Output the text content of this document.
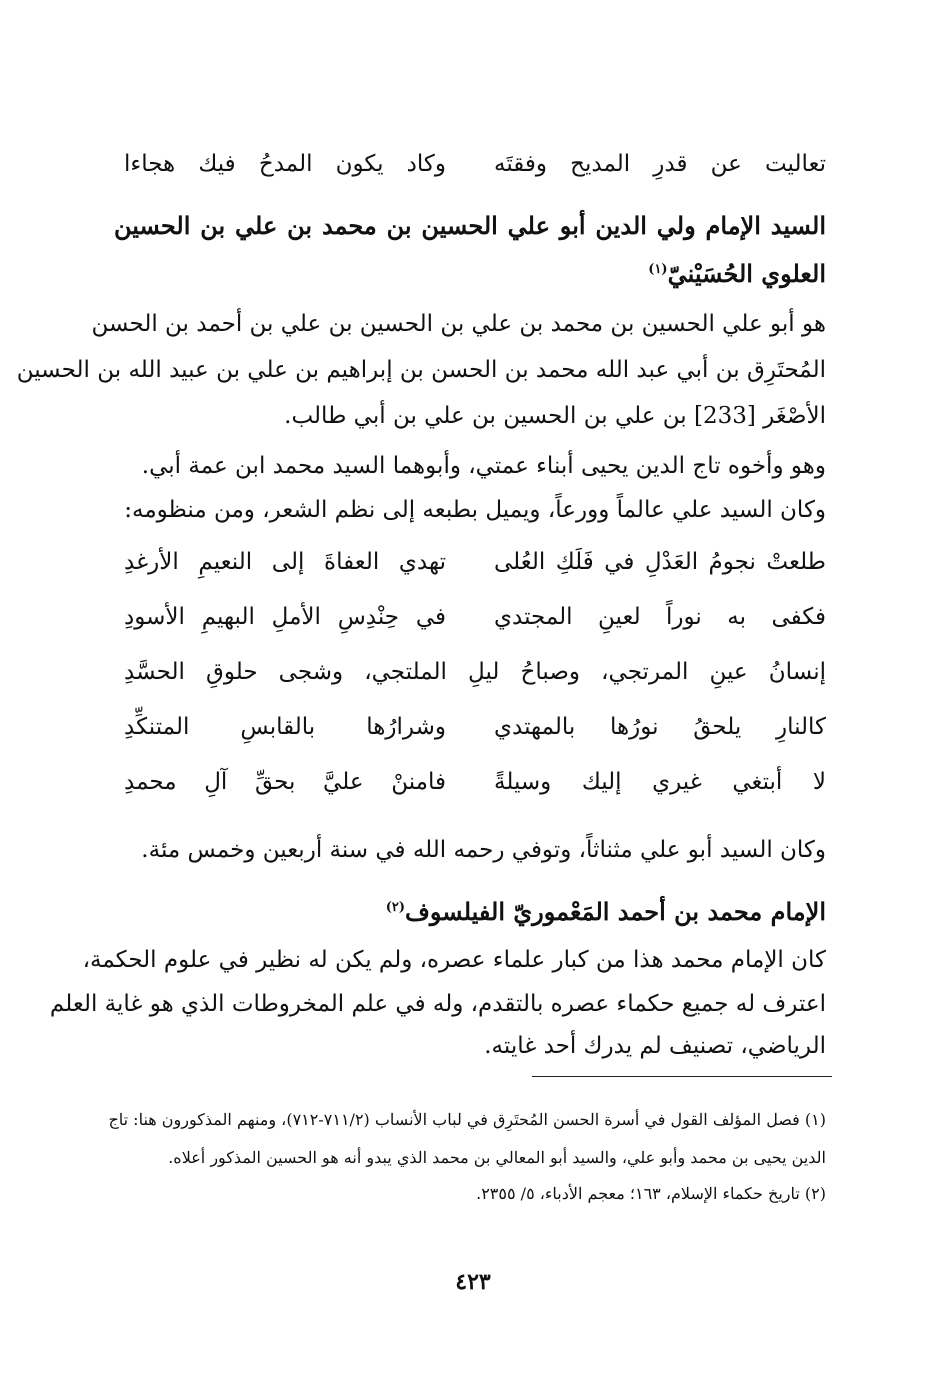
تعاليت عن قدرِ المديح وفقتَه
وكاد يكون المدحُ فيك هجاءا
السيد الإمام ولي الدين أبو علي الحسين بن محمد بن علي بن الحسين
العلوي الحُسَيْنيّ$^{(١)}$
هو أبو علي الحسين بن محمد بن علي بن الحسين بن علي بن أحمد بن الحسن
المُحتَرِق بن أبي عبد الله محمد بن الحسن بن إبراهيم بن علي بن عبيد الله بن الحسين
الأصْغَر [233] بن علي بن الحسين بن علي بن أبي طالب.
وهو وأخوه تاج الدين يحيى أبناء عمتي، وأبوهما السيد محمد ابن عمة أبي.
وكان السيد علي عالماً وورعاً، ويميل بطبعه إلى نظم الشعر، ومن منظومه:
طلعتْ نجومُ العَدْلِ في فَلَكِ العُلى
تهدي العفاةَ إلى النعيمِ الأرغدِ
فكفى به نوراً لعينِ المجتدي
في حِنْدِسِ الأملِ البهيمِ الأسودِ
إنسانُ عينِ المرتجي، وصباحُ ليلِ الملتجي، وشجى حلوقِ الحسَّدِ
كالنارِ يلحقُ نورُها بالمهتدي
وشرارُها بالقابسِ المتنكِّدِ
لا أبتغي غيري إليك وسيلةً
فامننْ عليَّ بحقِّ آلِ محمدِ
وكان السيد أبو علي مثناثاً، وتوفي رحمه الله في سنة أربعين وخمس مئة.
الإمام محمد بن أحمد المَعْموريّ الفيلسوف$^{(٢)}$
كان الإمام محمد هذا من كبار علماء عصره، ولم يكن له نظير في علوم الحكمة،
اعترف له جميع حكماء عصره بالتقدم، وله في علم المخروطات الذي هو غاية العلم
الرياضي، تصنيف لم يدرك أحد غايته.
(١) فصل المؤلف القول في أسرة الحسن المُحتَرِق في لباب الأنساب (٧١١/٢-٧١٢)، ومنهم المذكورون هنا: تاج
الدين يحيى بن محمد وأبو علي، والسيد أبو المعالي بن محمد الذي يبدو أنه هو الحسين المذكور أعلاه.
(٢) تاريخ حكماء الإسلام، ١٦٣؛ معجم الأدباء، ٥/ ٢٣٥٥.
٤٢٣
